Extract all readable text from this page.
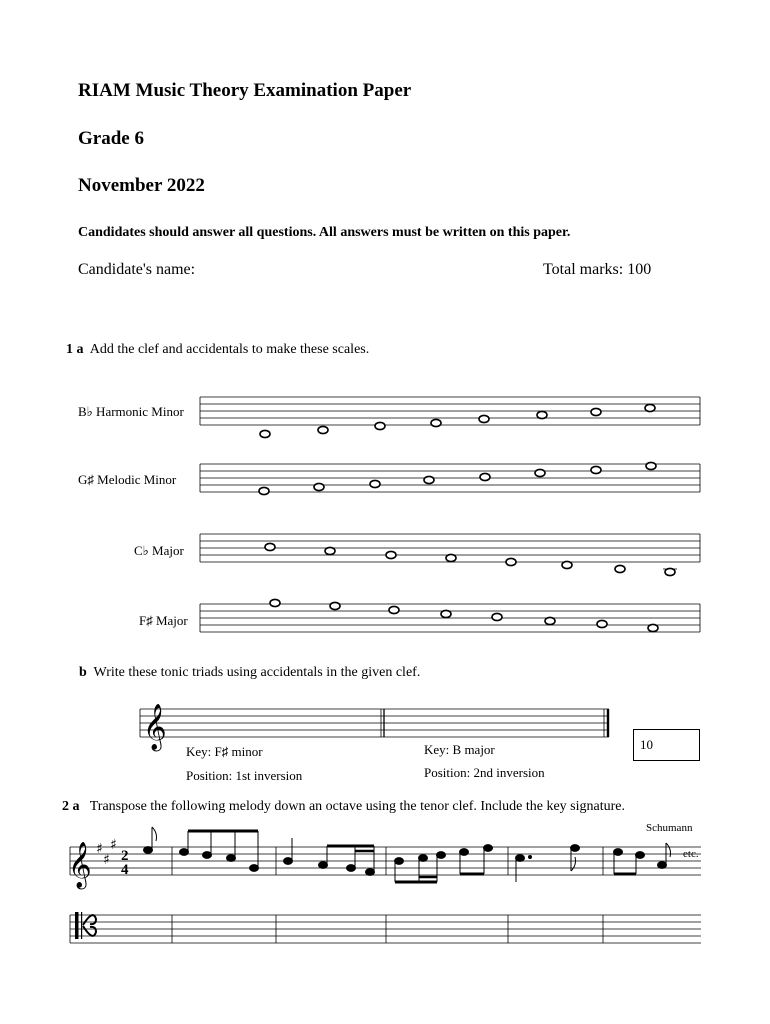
RIAM Music Theory Examination Paper
Grade 6
November 2022
Candidates should answer all questions. All answers must be written on this paper.
Candidate's name:	Total marks: 100
1 a Add the clef and accidentals to make these scales.
B♭ Harmonic Minor
G♯ Melodic Minor
C♭ Major
F♯ Major
𝄞
𝄞 ♯
♯
♯
2
4
b Write these tonic triads using accidentals in the given clef.
Key: F♯ minor
Position: 1st inversion
Key: B major
Position: 2nd inversion
10
2 a Transpose the following melody down an octave using the tenor clef. Include the key signature.
Schumann
etc.
